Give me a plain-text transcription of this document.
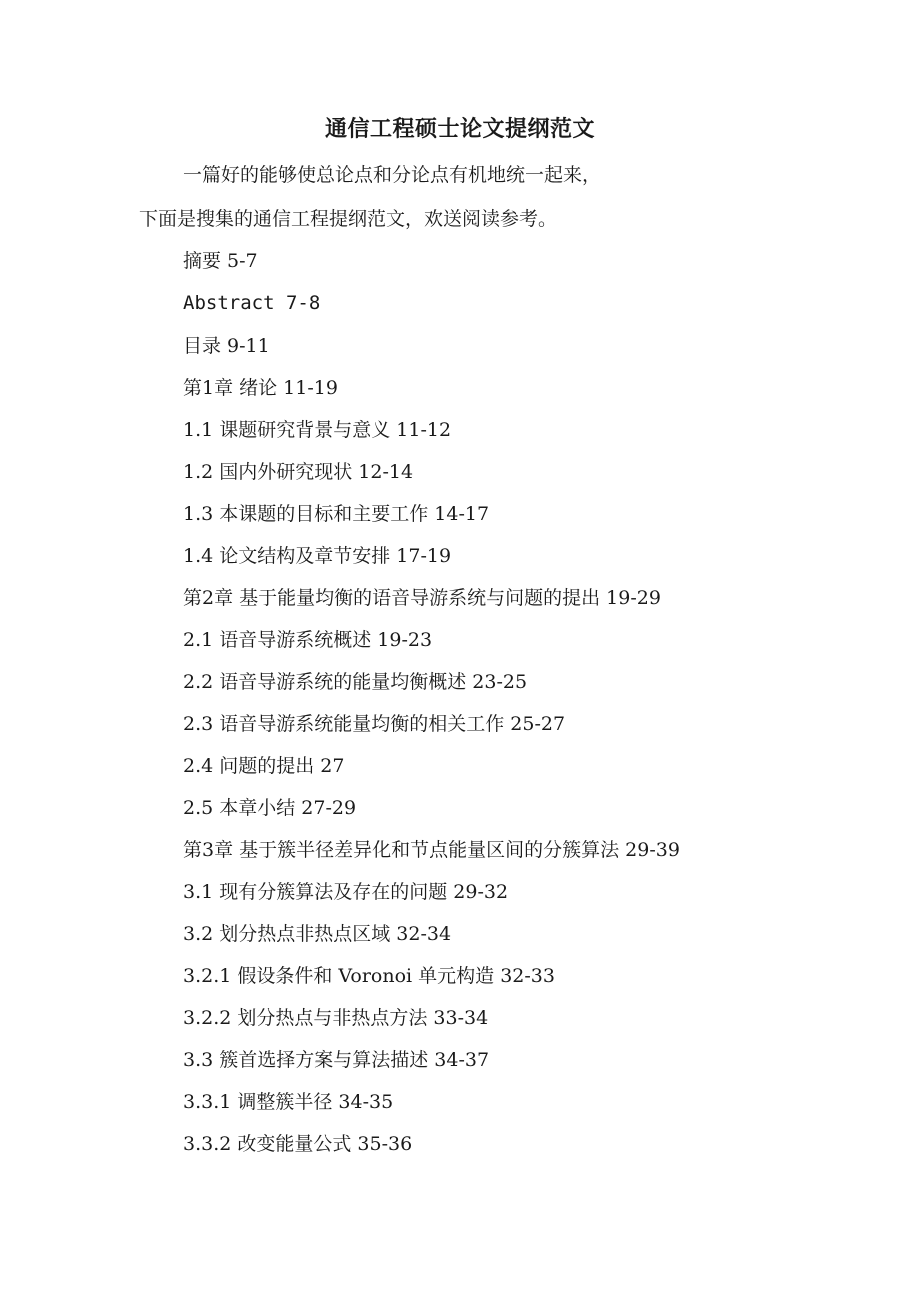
通信工程硕士论文提纲范文
一篇好的能够使总论点和分论点有机地统一起来，
下面是搜集的通信工程提纲范文，欢送阅读参考。
摘要 5-7
Abstract 7-8
目录 9-11
第1章 绪论 11-19
1.1 课题研究背景与意义 11-12
1.2 国内外研究现状 12-14
1.3 本课题的目标和主要工作 14-17
1.4 论文结构及章节安排 17-19
第2章 基于能量均衡的语音导游系统与问题的提出 19-29
2.1 语音导游系统概述 19-23
2.2 语音导游系统的能量均衡概述 23-25
2.3 语音导游系统能量均衡的相关工作 25-27
2.4 问题的提出 27
2.5 本章小结 27-29
第3章 基于簇半径差异化和节点能量区间的分簇算法 29-39
3.1 现有分簇算法及存在的问题 29-32
3.2 划分热点非热点区域 32-34
3.2.1 假设条件和 Voronoi 单元构造 32-33
3.2.2 划分热点与非热点方法 33-34
3.3 簇首选择方案与算法描述 34-37
3.3.1 调整簇半径 34-35
3.3.2 改变能量公式 35-36
